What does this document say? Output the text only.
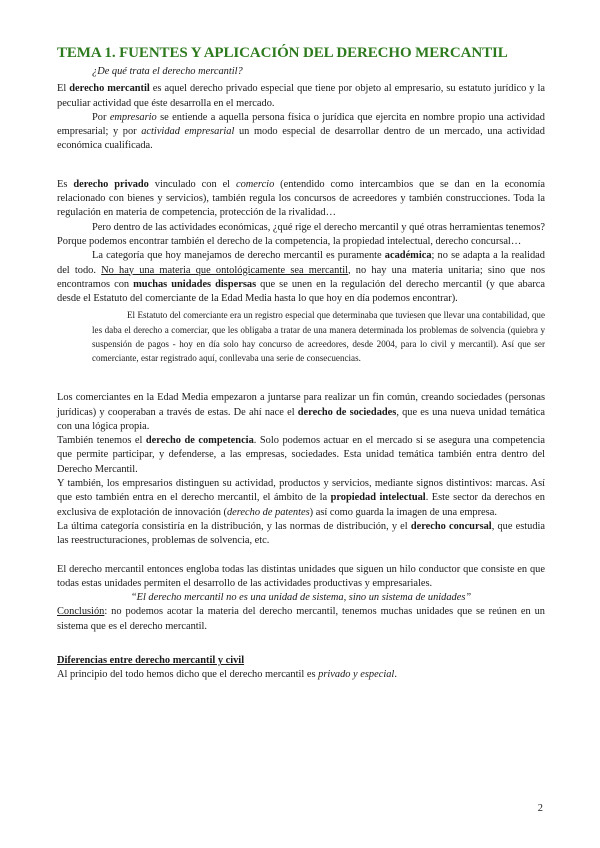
TEMA 1. FUENTES Y APLICACIÓN DEL DERECHO MERCANTIL

¿De qué trata el derecho mercantil?

El derecho mercantil es aquel derecho privado especial que tiene por objeto al empresario, su estatuto jurídico y la peculiar actividad que éste desarrolla en el mercado.

Por empresario se entiende a aquella persona física o jurídica que ejercita en nombre propio una actividad empresarial; y por actividad empresarial un modo especial de desarrollar dentro de un mercado, una actividad económica cualificada.

Es derecho privado vinculado con el comercio (entendido como intercambios que se dan en la economía relacionado con bienes y servicios), también regula los concursos de acreedores y también construcciones. Toda la regulación en materia de competencia, protección de la rivalidad…

Pero dentro de las actividades económicas, ¿qué rige el derecho mercantil y qué otras herramientas tenemos? Porque podemos encontrar también el derecho de la competencia, la propiedad intelectual, derecho concursal…

La categoría que hoy manejamos de derecho mercantil es puramente académica; no se adapta a la realidad del todo. No hay una materia que ontológicamente sea mercantil, no hay una materia unitaria; sino que nos encontramos con muchas unidades dispersas que se unen en la regulación del derecho mercantil (y que abarca desde el Estatuto del comerciante de la Edad Media hasta lo que hoy en día podemos encontrar).

El Estatuto del comerciante era un registro especial que determinaba que tuviesen que llevar una contabilidad, que les daba el derecho a comerciar, que les obligaba a tratar de una manera determinada los problemas de solvencia (quiebra y suspensión de pagos - hoy en día solo hay concurso de acreedores, desde 2004, para lo civil y mercantil). Así que ser comerciante, estar registrado aquí, conllevaba una serie de consecuencias.

Los comerciantes en la Edad Media empezaron a juntarse para realizar un fin común, creando sociedades (personas jurídicas) y cooperaban a través de estas. De ahí nace el derecho de sociedades, que es una nueva unidad temática con una lógica propia.

También tenemos el derecho de competencia. Solo podemos actuar en el mercado si se asegura una competencia que permite participar, y defenderse, a las empresas, sociedades. Esta unidad temática también entra dentro del Derecho Mercantil.

Y también, los empresarios distinguen su actividad, productos y servicios, mediante signos distintivos: marcas. Así que esto también entra en el derecho mercantil, el ámbito de la propiedad intelectual. Este sector da derechos en exclusiva de explotación de innovación (derecho de patentes) así como guarda la imagen de una empresa.

La última categoría consistiría en la distribución, y las normas de distribución, y el derecho concursal, que estudia las reestructuraciones, problemas de solvencia, etc.

El derecho mercantil entonces engloba todas las distintas unidades que siguen un hilo conductor que consiste en que todas estas unidades permiten el desarrollo de las actividades productivas y empresariales.

“El derecho mercantil no es una unidad de sistema, sino un sistema de unidades”

Conclusión: no podemos acotar la materia del derecho mercantil, tenemos muchas unidades que se reúnen en un sistema que es el derecho mercantil.

Diferencias entre derecho mercantil y civil

Al principio del todo hemos dicho que el derecho mercantil es privado y especial.

2
